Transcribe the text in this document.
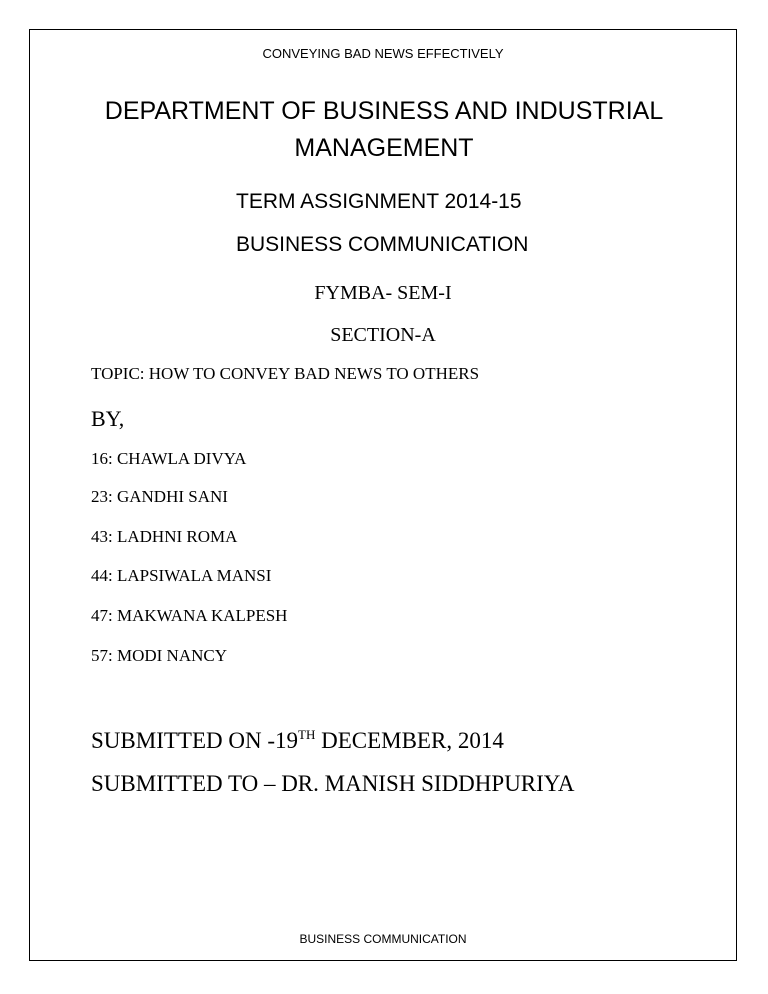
CONVEYING BAD NEWS EFFECTIVELY
DEPARTMENT OF BUSINESS AND INDUSTRIAL MANAGEMENT
TERM ASSIGNMENT 2014-15
BUSINESS COMMUNICATION
FYMBA- SEM-I
SECTION-A
TOPIC: HOW TO CONVEY BAD NEWS TO OTHERS
BY,
16: CHAWLA DIVYA
23: GANDHI SANI
43: LADHNI ROMA
44: LAPSIWALA MANSI
47: MAKWANA KALPESH
57: MODI NANCY
SUBMITTED ON -19TH DECEMBER, 2014
SUBMITTED TO – DR. MANISH SIDDHPURIYA
BUSINESS COMMUNICATION
